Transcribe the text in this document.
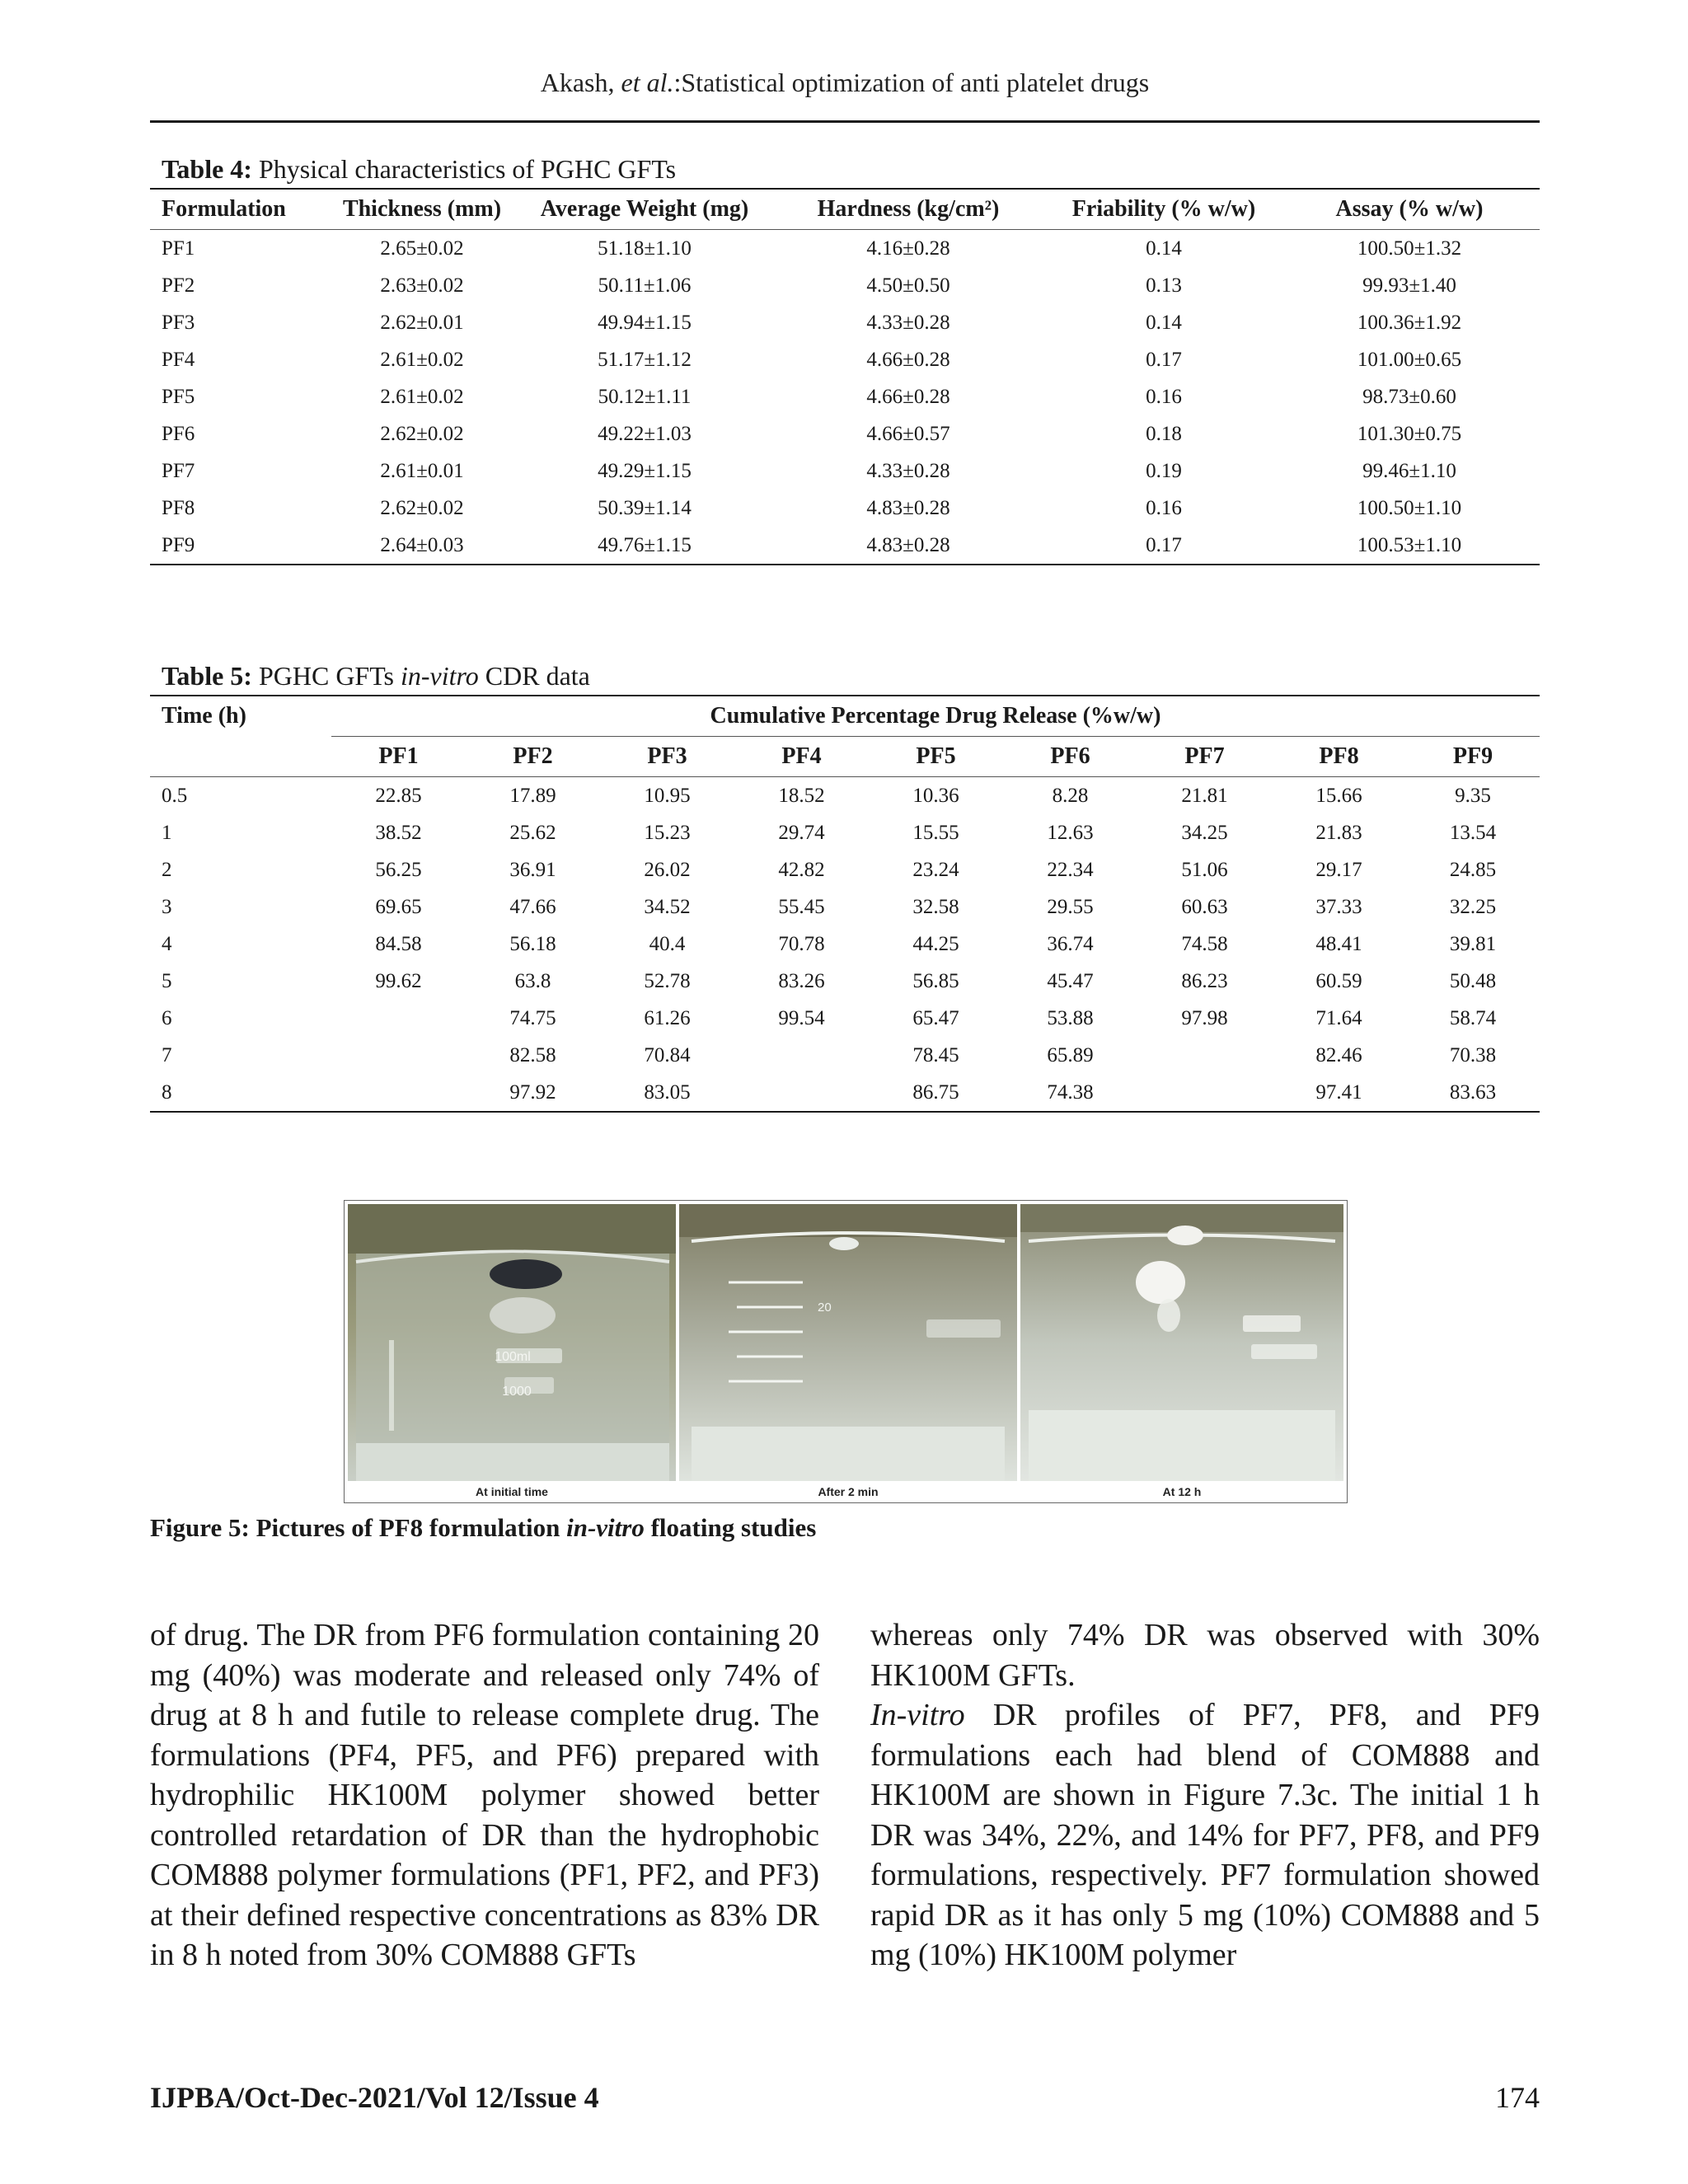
Akash, et al.:Statistical optimization of anti platelet drugs
Table 4: Physical characteristics of PGHC GFTs
Formulation	Thickness (mm)	Average Weight (mg)	Hardness (kg/cm²)	Friability (% w/w)	Assay (% w/w)
PF1	2.65±0.02	51.18±1.10	4.16±0.28	0.14	100.50±1.32
PF2	2.63±0.02	50.11±1.06	4.50±0.50	0.13	99.93±1.40
PF3	2.62±0.01	49.94±1.15	4.33±0.28	0.14	100.36±1.92
PF4	2.61±0.02	51.17±1.12	4.66±0.28	0.17	101.00±0.65
PF5	2.61±0.02	50.12±1.11	4.66±0.28	0.16	98.73±0.60
PF6	2.62±0.02	49.22±1.03	4.66±0.57	0.18	101.30±0.75
PF7	2.61±0.01	49.29±1.15	4.33±0.28	0.19	99.46±1.10
PF8	2.62±0.02	50.39±1.14	4.83±0.28	0.16	100.50±1.10
PF9	2.64±0.03	49.76±1.15	4.83±0.28	0.17	100.53±1.10
Table 5: PGHC GFTs in-vitro CDR data
Time (h)	Cumulative Percentage Drug Release (%w/w)								
	PF1	PF2	PF3	PF4	PF5	PF6	PF7	PF8	PF9
0.5	22.85	17.89	10.95	18.52	10.36	8.28	21.81	15.66	9.35
1	38.52	25.62	15.23	29.74	15.55	12.63	34.25	21.83	13.54
2	56.25	36.91	26.02	42.82	23.24	22.34	51.06	29.17	24.85
3	69.65	47.66	34.52	55.45	32.58	29.55	60.63	37.33	32.25
4	84.58	56.18	40.4	70.78	44.25	36.74	74.58	48.41	39.81
5	99.62	63.8	52.78	83.26	56.85	45.47	86.23	60.59	50.48
6		74.75	61.26	99.54	65.47	53.88	97.98	71.64	58.74
7		82.58	70.84		78.45	65.89		82.46	70.38
8		97.92	83.05		86.75	74.38		97.41	83.63
100ml
1000
At initial time
20
After 2 min	At 12 h
Figure 5: Pictures of PF8 formulation in-vitro floating studies

of drug. The DR from PF6 formulation containing 20 mg (40%) was moderate and released only 74% of drug at 8 h and futile to release complete drug. The formulations (PF4, PF5, and PF6) prepared with hydrophilic HK100M polymer showed better controlled retardation of DR than the hydrophobic COM888 polymer formulations (PF1, PF2, and PF3) at their defined respective concentrations as 83% DR in 8 h noted from 30% COM888 GFTs

whereas only 74% DR was observed with 30% HK100M GFTs.

In-vitro DR profiles of PF7, PF8, and PF9 formulations each had blend of COM888 and HK100M are shown in Figure 7.3c. The initial 1 h DR was 34%, 22%, and 14% for PF7, PF8, and PF9 formulations, respectively. PF7 formulation showed rapid DR as it has only 5 mg (10%) COM888 and 5 mg (10%) HK100M polymer

IJPBA/Oct-Dec-2021/Vol 12/Issue 4	174
